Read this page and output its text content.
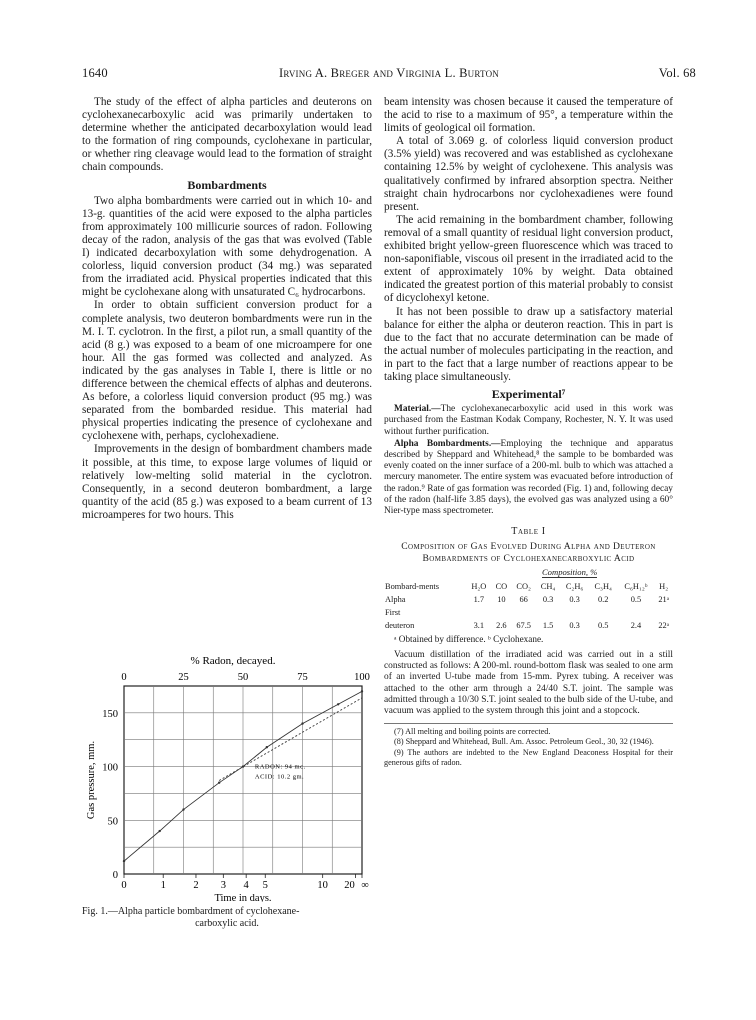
1640	Irving A. Breger and Virginia L. Burton	Vol. 68

The study of the effect of alpha particles and deuterons on cyclohexanecarboxylic acid was primarily undertaken to determine whether the anticipated decarboxylation would lead to the formation of ring compounds, cyclohexane in particular, or whether ring cleavage would lead to the formation of straight chain compounds.

Bombardments

Two alpha bombardments were carried out in which 10- and 13-g. quantities of the acid were exposed to the alpha particles from approximately 100 millicurie sources of radon. Following decay of the radon, analysis of the gas that was evolved (Table I) indicated decarboxylation with some dehydrogenation. A colorless, liquid conversion product (34 mg.) was separated from the irradiated acid. Physical properties indicated that this might be cyclohexane along with unsaturated C₆ hydrocarbons.

In order to obtain sufficient conversion product for a complete analysis, two deuteron bombardments were run in the M. I. T. cyclotron. In the first, a pilot run, a small quantity of the acid (8 g.) was exposed to a beam of one microampere for one hour. All the gas formed was collected and analyzed. As indicated by the gas analyses in Table I, there is little or no difference between the chemical effects of alphas and deuterons. As before, a colorless liquid conversion product (95 mg.) was separated from the bombarded residue. This material had physical properties indicating the presence of cyclohexane and cyclohexene with, perhaps, cyclohexadiene.

Improvements in the design of bombardment chambers made it possible, at this time, to expose large volumes of liquid or relatively low-melting solid material in the cyclotron. Consequently, in a second deuteron bombardment, a large quantity of the acid (85 g.) was exposed to a beam current of 13 microamperes for two hours. This

% Radon, decayed.
0	25	50	75	100
0
50
100
150
Gas pressure, mm.
0	1	2 3 4 5	10 20 ∞
Time in days.
RADON: 94 mc.
ACID: 10.2 gm.
Fig. 1.—Alpha particle bombardment of cyclohexane-
carboxylic acid.

beam intensity was chosen because it caused the temperature of the acid to rise to a maximum of 95°, a temperature within the limits of geological oil formation.

A total of 3.069 g. of colorless liquid conversion product (3.5% yield) was recovered and was established as cyclohexane containing 12.5% by weight of cyclohexene. This analysis was qualitatively confirmed by infrared absorption spectra. Neither straight chain hydrocarbons nor cyclohexadienes were found present.

The acid remaining in the bombardment chamber, following removal of a small quantity of residual light conversion product, exhibited bright yellow-green fluorescence which was traced to non-saponifiable, viscous oil present in the irradiated acid to the extent of approximately 10% by weight. Data obtained indicated the greatest portion of this material probably to consist of dicyclohexyl ketone.

It has not been possible to draw up a satisfactory material balance for either the alpha or deuteron reaction. This in part is due to the fact that no accurate determination can be made of the actual number of molecules participating in the reaction, and in part to the fact that a large number of reactions appear to be taking place simultaneously.

Experimental⁷

Material.—The cyclohexanecarboxylic acid used in this work was purchased from the Eastman Kodak Company, Rochester, N. Y. It was used without further purification.

Alpha Bombardments.—Employing the technique and apparatus described by Sheppard and Whitehead,⁸ the sample to be bombarded was evenly coated on the inner surface of a 200-ml. bulb to which was attached a mercury manometer. The entire system was evacuated before introduction of the radon.⁹ Rate of gas formation was recorded (Fig. 1) and, following decay of the radon (half-life 3.85 days), the evolved gas was analyzed using a 60° Nier-type mass spectrometer.

Table I
Composition of Gas Evolved During Alpha and Deuteron Bombardments of Cyclohexanecarboxylic Acid
	Composition, %							
Bombard-ments	H₂O	CO	CO₂	CH₄	C₂H₆	C₃H₄	C₆H₁₂ᵇ	H₂
Alpha	1.7	10	66	0.3	0.3	0.2	0.5	21ᵃ
First								
deuteron	3.1	2.6	67.5	1.5	0.3	0.5	2.4	22ᵃ
ᵃ Obtained by difference. ᵇ Cyclohexane.

Vacuum distillation of the irradiated acid was carried out in a still constructed as follows: A 200-ml. round-bottom flask was sealed to one arm of an inverted U-tube made from 15-mm. Pyrex tubing. A receiver was attached to the other arm through a 24/40 S.T. joint. The sample was admitted through a 10/30 S.T. joint sealed to the bulb side of the U-tube, and vacuum was applied to the system through this joint and a stopcock.

(7) All melting and boiling points are corrected.

(8) Sheppard and Whitehead, Bull. Am. Assoc. Petroleum Geol., 30, 32 (1946).

(9) The authors are indebted to the New England Deaconess Hospital for their generous gifts of radon.
